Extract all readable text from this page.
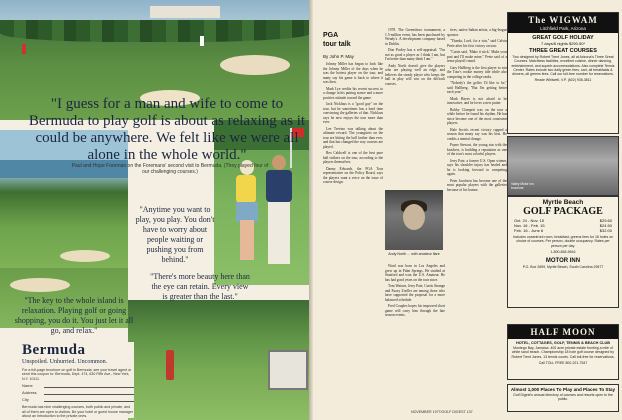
"I guess for a man and wife to come to Bermuda to play golf is about as relaxing as it could be anywhere. We felt like we were all alone in the whole world."
Paul and Hope Foreman on the Foremans' second visit to Bermuda. (They played four of our challenging courses.)
"Anytime you want to play, you play. You don't have to worry about people waiting or pushing you from behind."
"There's more beauty here than the eye can retain. Every view is greater than the last."
"The key to the whole island is relaxation. Playing golf or going shopping, you do it. You just let it all go, and relax."
Bermuda
Unspoiled. Unhurried. Uncommon.
For a full-page brochure on golf in Bermuda, see your travel agent or send this coupon to: Bermuda, Dept. 474, 630 Fifth Ave., New York, N.Y. 10111.
Name
Address
City
Bermuda has nine challenging courses, both public and private, and all of them are open to visitors. Be your hotel or guest house manager about an introduction to the private ones.
PGA
tour talk
By John P. May

Johnny Miller has begun to look like the Johnny Miller of the days when he was the hottest player on the tour, and many say his game is back to where it was then.

Mark Lye credits his recent success to a change in his putting stance and a more positive attitude toward the game.

Jack Nicklaus is a "good guy" on the tour, but he sometimes has a hard time convincing the galleries of that. Nicklaus says he now enjoys the tour more than ever.

Lee Trevino was talking about the ultimate reward. The youngsters on the tour are hitting the ball farther than ever, and that has changed the way courses are played.

Rex Caldwell is one of the best pure ball strikers on the tour, according to the players themselves.

Danny Edwards, the PGA Tour representative on the Policy Board, says the players want a voice on the issue of course design.

1978. The Greensboro tournament, a 1.5-million event, has been purchased by Wendy's. A development company based in Dublin.

Don Pooley has a self-appraisal: "I'm not as good a player as I think I am, but I'm better than many think I am."

Andy North doesn't give the players who are playing well an edge, and believes the steady player who keeps the ball in play will win on the difficult courses.

Andy North ... with amateur flare

Ward was born in Los Angeles and grew up in Palm Springs. He studied at Stanford and won the U.S. Amateur. He has had good years on the tour since.

Tom Watson, Jerry Pate, Curtis Strange and Fuzzy Zoeller are among those who have supported the proposal for a more balanced schedule.

Fred Couples hopes his improved short game will carry him through the late season events.

tives, native Indian artists, a big-league sponsor.

"Thanks, Lord, for a win," said Calvin Peete after his first victory on tour.

"Curtis said, 'Make it stick.' Make your putt and I'll make mine," Peete said of a tense playoff round.

Gary Hallberg is the first player to win the Tour's rookie money title while also competing in the college ranks.

"Nobody's the golfer I'd like to be," said Hallberg. "But I'm getting better each year."

Mark Hayes is not afraid to be innovative, and he loves a new putter.

Bobby Clampett was on the tour a while before he found his rhythm. He has since become one of the most consistent players.

Hale Irwin's recent victory capped a season that many say was his best. He credits a mental change.

Payne Stewart, the young star with the knickers, is building a reputation as one of the tour's most colorful players.

Jerry Pate, a former U.S. Open winner, says his shoulder injury has healed and he is looking forward to competing again.

Peter Jacobsen has become one of the most popular players with the galleries because of his humor.

NOVEMBER 1977/GOLF DIGEST 137
The WIGWAM
Litchfield Park, Arizona
GREAT GOLF HOLIDAY
7 days/6 nights $290.50*
THREE GREAT COURSES
Two designed by Robert Trent Jones, all at Arizona's Three Great Courses. Matchless facilities, excellent cuisine, dinner dancing, entertainment, and superb accommodations. Also complete Tennis Center. Rates include two daily green fees, cart, all breakfasts & dinners, all greens fees. Call our toll-free number for reservations.
Reade Whitwell, V.P. (602) 935-3811
Valley Motor Inn brochure
Myrtle Beach
GOLF PACKAGE
Oct. 24 - Nov. 15	$29.60
Nov. 16 - Feb. 15	$24.50
Feb. 16 - June 6	$32.00
Includes oceanfront room, breakfast, greens fees for 18 holes on choice of courses. Per person, double occupancy. Rates per person per day.
1-800-845-9616
MOTOR INN
P.O. Box 2659, Myrtle Beach, South Carolina 29577
HALF MOON
HOTEL, COTTAGES, GOLF, TENNIS & BEACH CLUB
Montego Bay, Jamaica. 400 acre private estate fronting a mile of white sand beach. Championship 18 hole golf course designed by Robert Trent Jones, 13 tennis courts. Call toll-free for reservations.
Call TOLL FREE 800-221-7547
Almost 1,000 Places To Play and Places To Stay
Golf Digest's annual directory of courses and resorts open to the public.
